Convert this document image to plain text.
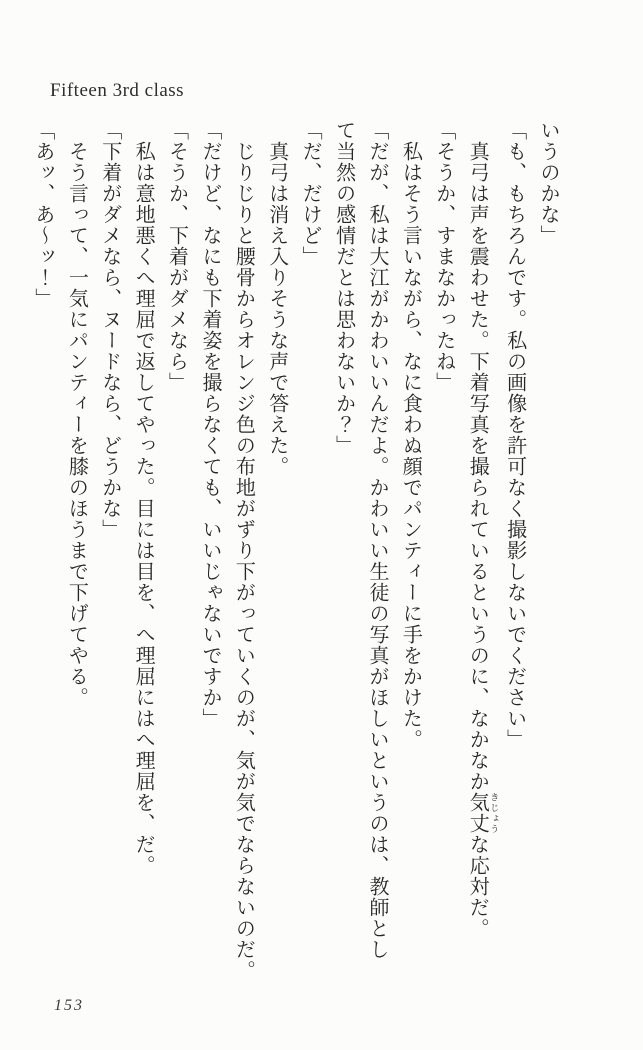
Fifteen 3rd class

いうのかな」

「も、もちろんです。私の画像を許可なく撮影しないでください」

　真弓は声を震わせた。下着写真を撮られているというのに、なかなか気丈きじょうな応対だ。

「そうか、すまなかったね」

　私はそう言いながら、なに食わぬ顔でパンティーに手をかけた。

「だが、私は大江がかわいいんだよ。かわいい生徒の写真がほしいというのは、教師とし

て当然の感情だとは思わないか？」

「だ、だけど」

　真弓は消え入りそうな声で答えた。

　じりじりと腰骨からオレンジ色の布地がずり下がっていくのが、気が気でならないのだ。

「だけど、なにも下着姿を撮らなくても、いいじゃないですか」

「そうか、下着がダメなら」

　私は意地悪くへ理屈で返してやった。目には目を、へ理屈にはへ理屈を、だ。

「下着がダメなら、ヌードなら、どうかな」

　そう言って、一気にパンティーを膝のほうまで下げてやる。

「あッ、あ〜ッ！」

153
